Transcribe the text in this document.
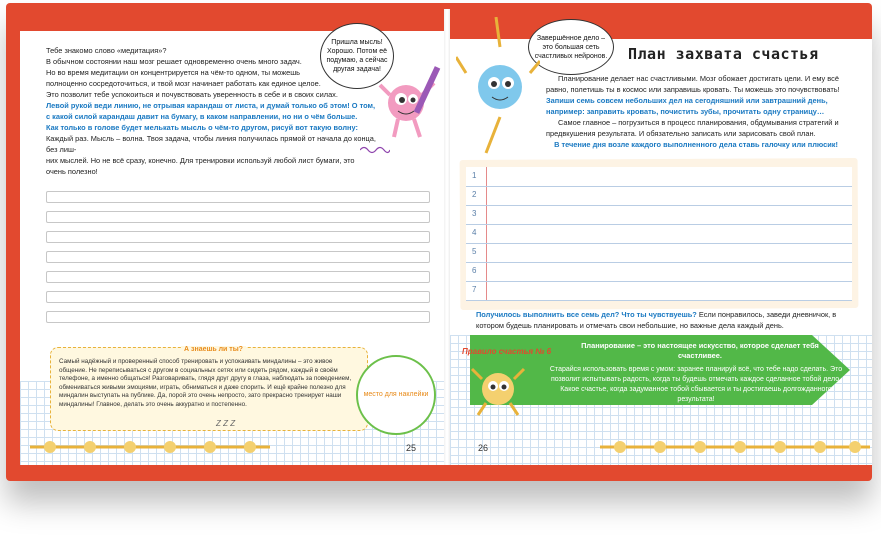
Пришла мысль! Хорошо. Потом её подумаю, а сейчас другая задача!

Тебе знакомо слово «медитация»?

В обычном состоянии наш мозг решает одновременно очень много задач.

Но во время медитации он концентрируется на чём-то одном, ты можешь

полноценно сосредоточиться, и твой мозг начинает работать как единое целое.

Это позволит тебе успокоиться и почувствовать уверенность в себе и в своих силах.

Левой рукой веди линию, не отрывая карандаш от листа, и думай только об этом! О том,

с какой силой карандаш давит на бумагу, в каком направлении, но ни о чём больше.

Как только в голове будет мелькать мысль о чём-то другом, рисуй вот такую волну:

Каждый раз. Мысль – волна. Твоя задача, чтобы линия получилась прямой от начала до конца, без лиш-

них мыслей. Но не всё сразу, конечно. Для тренировки используй любой лист бумаги, это очень полезно!

А знаешь ли ты?
Самый надёжный и проверенный способ тренировать и успокаивать миндалины – это живое общение. Не переписываться с другом в социальных сетях или сидеть рядом, каждый в своём телефоне, а именно общаться! Разговаривать, глядя друг другу в глаза, наблюдать за поведением, обмениваться живыми эмоциями, играть, обниматься и даже спорить. И ещё крайне полезно для миндалин выступать на публике. Да, порой это очень непросто, зато прекрасно тренирует наши миндалины! Главное, делать это очень аккуратно и постепенно.
место для наклейки
Z Z Z
25
Завершённое дело – это большая сеть счастливых нейронов.	План захвата счастья

Планирование делает нас счастливыми. Мозг обожает достигать цели. И ему всё равно, полетишь ты в космос или заправишь кровать. Ты можешь это почувствовать!

Запиши семь совсем небольших дел на сегодняшний или завтрашний день, например: заправить кровать, почистить зубы, прочитать одну страницу…

Самое главное – погрузиться в процесс планирования, обдумывания стратегий и предвкушения результата. И обязательно записать или зарисовать свой план.

В течение дня возле каждого выполненного дела ставь галочку или плюсик!

1
2
3
4
5
6
7
Получилось выполнить все семь дел? Что ты чувствуешь? Если понравилось, заведи дневничок, в котором будешь планировать и отмечать свои небольшие, но важные дела каждый день.
Правило счастья № 6
Планирование – это настоящее искусство, которое сделает тебя счастливее.
Старайся использовать время с умом: заранее планируй всё, что тебе надо сделать. Это позволит испытывать радость, когда ты будешь отмечать каждое сделанное тобой дело. Какое счастье, когда задуманное тобой сбывается и ты достигаешь долгожданного результата!
26
